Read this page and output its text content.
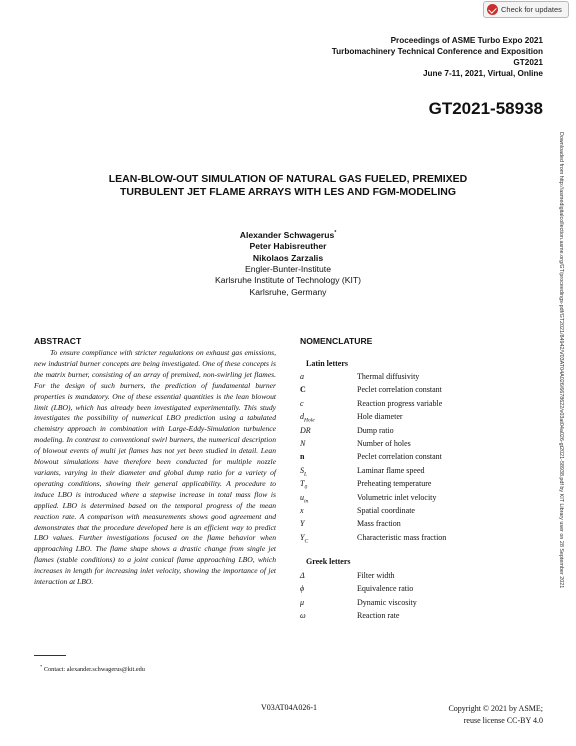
Check for updates
Proceedings of ASME Turbo Expo 2021
Turbomachinery Technical Conference and Exposition
GT2021
June 7-11, 2021, Virtual, Online
GT2021-58938
Downloaded from http://asmedigitalcollection.asme.org/GT/proceedings-pdf/GT2021/84942/V03AT04A026/6678622/v03at04a026-gt2021-58938.pdf by KIT Library user on 28 September 2021
LEAN-BLOW-OUT SIMULATION OF NATURAL GAS FUELED, PREMIXED
TURBULENT JET FLAME ARRAYS WITH LES AND FGM-MODELING
Alexander Schwagerus*
Peter Habisreuther
Nikolaos Zarzalis
Engler-Bunter-Institute
Karlsruhe Institute of Technology (KIT)
Karlsruhe, Germany
ABSTRACT
To ensure compliance with stricter regulations on exhaust gas emissions, new industrial burner concepts are being investigated. One of these concepts is the matrix burner, consisting of an array of premixed, non-swirling jet flames. For the design of such burners, the prediction of fundamental burner properties is mandatory. One of these essential quantities is the lean blowout limit (LBO), which has already been investigated experimentally. This study investigates the possibility of numerical LBO prediction using a tabulated chemistry approach in combination with Large-Eddy-Simulation turbulence modeling. In contrast to conventional swirl burners, the numerical description of blowout events of multi jet flames has not yet been studied in detail. Lean blowout simulations have therefore been conducted for multiple nozzle variants, varying in their diameter and global dump ratio for a variety of operating conditions, showing their general applicability. A procedure to induce LBO is introduced where a stepwise increase in total mass flow is applied. LBO is determined based on the temporal progress of the mean reaction rate. A comparison with measurements shows good agreement and demonstrates that the procedure developed here is an efficient way to predict LBO values. Further investigations focused on the flame behavior when approaching LBO. The flame shape shows a drastic change from single jet flames (stable conditions) to a joint conical flame approaching LBO, which increases in length for increasing inlet velocity, showing the importance of jet interaction at LBO.
NOMENCLATURE
Latin letters
a	Thermal diffusivity
C	Peclet correlation constant
c	Reaction progress variable
$d_{Hole}$	Hole diameter
DR	Dump ratio
N	Number of holes
n	Peclet correlation constant
$S_L$	Laminar flame speed
$T_0$	Preheating temperature
$u_{in}$	Volumetric inlet velocity
x	Spatial coordinate
Y	Mass fraction
$Y_C$	Characteristic mass fraction
Greek letters
Δ	Filter width
ϕ	Equivalence ratio
μ	Dynamic viscosity
ω	Reaction rate
* Contact: alexander.schwagerus@kit.edu
V03AT04A026-1	Copyright © 2021 by ASME;
reuse license CC-BY 4.0
